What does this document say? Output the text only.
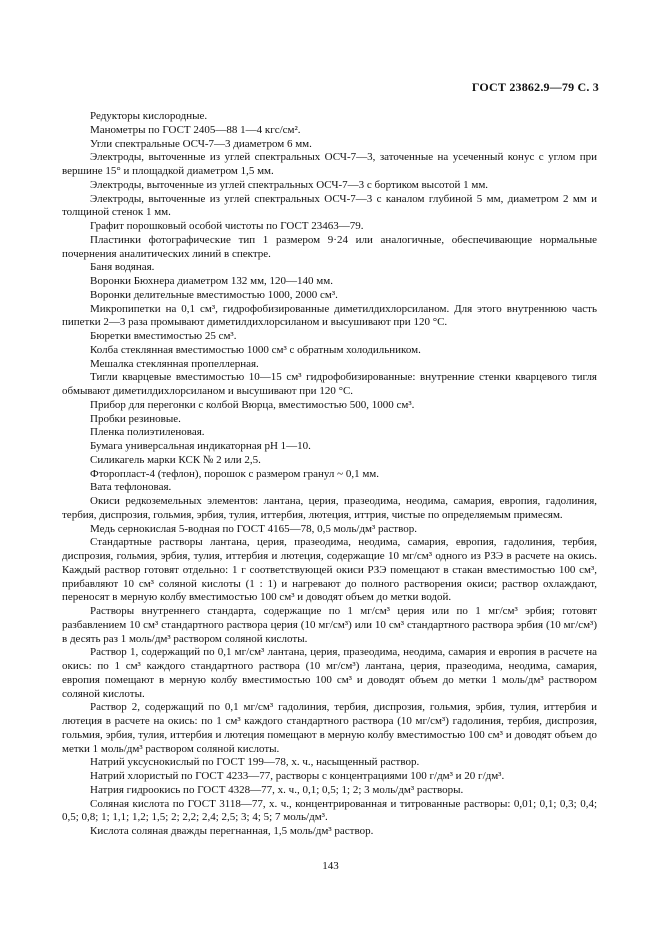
ГОСТ 23862.9—79 С. 3

Редукторы кислородные.

Манометры по ГОСТ 2405—88 1—4 кгс/см².

Угли спектральные ОСЧ-7—3 диаметром 6 мм.

Электроды, выточенные из углей спектральных ОСЧ-7—3, заточенные на усеченный конус с углом при вершине 15° и площадкой диаметром 1,5 мм.

Электроды, выточенные из углей спектральных ОСЧ-7—3 с бортиком высотой 1 мм.

Электроды, выточенные из углей спектральных ОСЧ-7—3 с каналом глубиной 5 мм, диаметром 2 мм и толщиной стенок 1 мм.

Графит порошковый особой чистоты по ГОСТ 23463—79.

Пластинки фотографические тип 1 размером 9·24 или аналогичные, обеспечивающие нормальные почернения аналитических линий в спектре.

Баня водяная.

Воронки Бюхнера диаметром 132 мм, 120—140 мм.

Воронки делительные вместимостью 1000, 2000 см³.

Микропипетки на 0,1 см³, гидрофобизированные диметилдихлорсиланом. Для этого внутреннюю часть пипетки 2—3 раза промывают диметилдихлорсиланом и высушивают при 120 °С.

Бюретки вместимостью 25 см³.

Колба стеклянная вместимостью 1000 см³ с обратным холодильником.

Мешалка стеклянная пропеллерная.

Тигли кварцевые вместимостью 10—15 см³ гидрофобизированные: внутренние стенки кварцевого тигля обмывают диметилдихлорсиланом и высушивают при 120 °С.

Прибор для перегонки с колбой Вюрца, вместимостью 500, 1000 см³.

Пробки резиновые.

Пленка полиэтиленовая.

Бумага универсальная индикаторная pH 1—10.

Силикагель марки КСК № 2 или 2,5.

Фторопласт-4 (тефлон), порошок с размером гранул ~ 0,1 мм.

Вата тефлоновая.

Окиси редкоземельных элементов: лантана, церия, празеодима, неодима, самария, европия, гадолиния, тербия, диспрозия, гольмия, эрбия, тулия, иттербия, лютеция, иттрия, чистые по определяемым примесям.

Медь сернокислая 5-водная по ГОСТ 4165—78, 0,5 моль/дм³ раствор.

Стандартные растворы лантана, церия, празеодима, неодима, самария, европия, гадолиния, тербия, диспрозия, гольмия, эрбия, тулия, иттербия и лютеция, содержащие 10 мг/см³ одного из РЗЭ в расчете на окись. Каждый раствор готовят отдельно: 1 г соответствующей окиси РЗЭ помещают в стакан вместимостью 100 см³, прибавляют 10 см³ соляной кислоты (1 : 1) и нагревают до полного растворения окиси; раствор охлаждают, переносят в мерную колбу вместимостью 100 см³ и доводят объем до метки водой.

Растворы внутреннего стандарта, содержащие по 1 мг/см³ церия или по 1 мг/см³ эрбия; готовят разбавлением 10 см³ стандартного раствора церия (10 мг/см³) или 10 см³ стандартного раствора эрбия (10 мг/см³) в десять раз 1 моль/дм³ раствором соляной кислоты.

Раствор 1, содержащий по 0,1 мг/см³ лантана, церия, празеодима, неодима, самария и европия в расчете на окись: по 1 см³ каждого стандартного раствора (10 мг/см³) лантана, церия, празеодима, неодима, самария, европия помещают в мерную колбу вместимостью 100 см³ и доводят объем до метки 1 моль/дм³ раствором соляной кислоты.

Раствор 2, содержащий по 0,1 мг/см³ гадолиния, тербия, диспрозия, гольмия, эрбия, тулия, иттербия и лютеция в расчете на окись: по 1 см³ каждого стандартного раствора (10 мг/см³) гадолиния, тербия, диспрозия, гольмия, эрбия, тулия, иттербия и лютеция помещают в мерную колбу вместимостью 100 см³ и доводят объем до метки 1 моль/дм³ раствором соляной кислоты.

Натрий уксуснокислый по ГОСТ 199—78, х. ч., насыщенный раствор.

Натрий хлористый по ГОСТ 4233—77, растворы с концентрациями 100 г/дм³ и 20 г/дм³.

Натрия гидроокись по ГОСТ 4328—77, х. ч., 0,1; 0,5; 1; 2; 3 моль/дм³ растворы.

Соляная кислота по ГОСТ 3118—77, х. ч., концентрированная и титрованные растворы: 0,01; 0,1; 0,3; 0,4; 0,5; 0,8; 1; 1,1; 1,2; 1,5; 2; 2,2; 2,4; 2,5; 3; 4; 5; 7 моль/дм³.

Кислота соляная дважды перегнанная, 1,5 моль/дм³ раствор.

143
